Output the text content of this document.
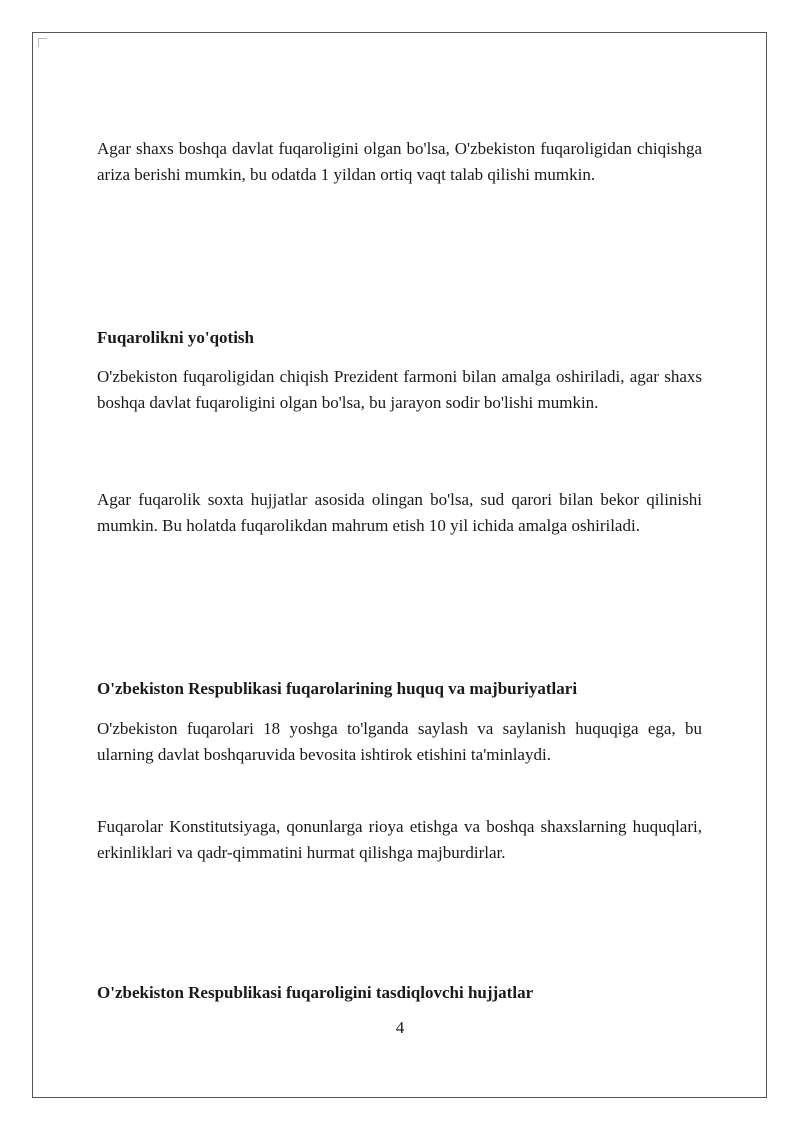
Agar shaxs boshqa davlat fuqaroligini olgan bo'lsa, O'zbekiston fuqaroligidan chiqishga ariza berishi mumkin, bu odatda 1 yildan ortiq vaqt talab qilishi mumkin.

Fuqarolikni yo'qotish

O'zbekiston fuqaroligidan chiqish Prezident farmoni bilan amalga oshiriladi, agar shaxs boshqa davlat fuqaroligini olgan bo'lsa, bu jarayon sodir bo'lishi mumkin.

Agar fuqarolik soxta hujjatlar asosida olingan bo'lsa, sud qarori bilan bekor qilinishi mumkin. Bu holatda fuqarolikdan mahrum etish 10 yil ichida amalga oshiriladi.

O'zbekiston Respublikasi fuqarolarining huquq va majburiyatlari

O'zbekiston fuqarolari 18 yoshga to'lganda saylash va saylanish huquqiga ega, bu ularning davlat boshqaruvida bevosita ishtirok etishini ta'minlaydi.

Fuqarolar Konstitutsiyaga, qonunlarga rioya etishga va boshqa shaxslarning huquqlari, erkinliklari va qadr-qimmatini hurmat qilishga majburdirlar.

O'zbekiston Respublikasi fuqaroligini tasdiqlovchi hujjatlar
4
